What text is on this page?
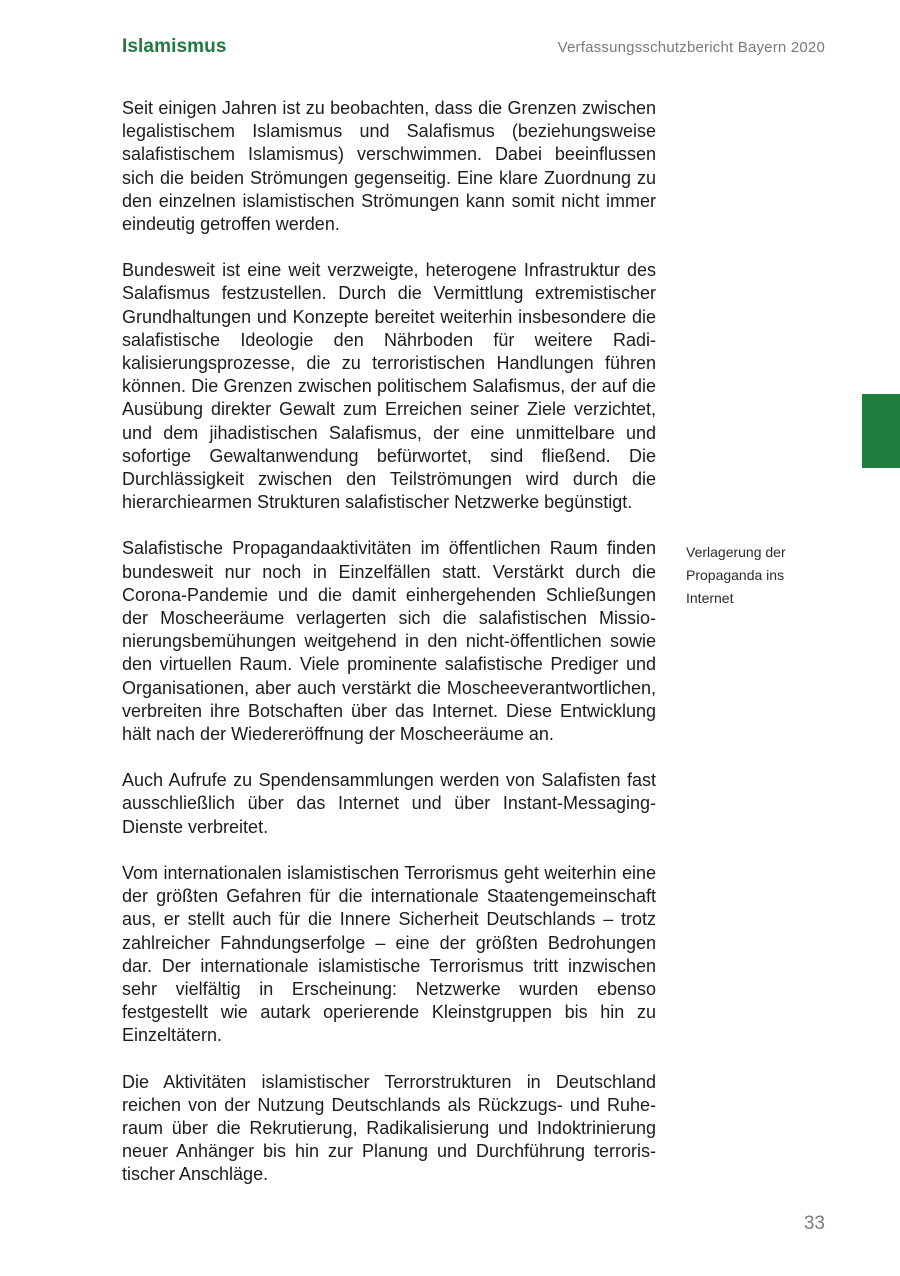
Islamismus	Verfassungsschutzbericht Bayern 2020

Seit einigen Jahren ist zu beobachten, dass die Grenzen zwischen legalistischem Islamismus und Salafismus (beziehungsweise salafistischem Islamismus) verschwimmen. Dabei beeinflussen sich die beiden Strömungen gegenseitig. Eine klare Zuordnung zu den einzelnen islamistischen Strömungen kann somit nicht immer eindeutig getroffen werden.

Bundesweit ist eine weit verzweigte, heterogene Infrastruktur des Salafismus festzustellen. Durch die Vermittlung extremistischer Grundhaltungen und Konzepte bereitet weiterhin insbesondere die salafistische Ideologie den Nährboden für weitere Radikalisierungsprozesse, die zu terroristischen Handlungen führen können. Die Grenzen zwischen politischem Salafismus, der auf die Ausübung direkter Gewalt zum Erreichen seiner Ziele verzichtet, und dem jihadistischen Salafismus, der eine unmittelbare und sofortige Gewaltanwendung befürwortet, sind fließend. Die Durchlässigkeit zwischen den Teilströmungen wird durch die hierarchiearmen Strukturen salafistischer Netzwerke begünstigt.

Salafistische Propagandaaktivitäten im öffentlichen Raum finden bundesweit nur noch in Einzelfällen statt. Verstärkt durch die Corona-Pandemie und die damit einhergehenden Schließungen der Moscheeräume verlagerten sich die salafistischen Missionierungsbemühungen weitgehend in den nicht-öffentlichen sowie den virtuellen Raum. Viele prominente salafistische Prediger und Organisationen, aber auch verstärkt die Moscheeverantwortlichen, verbreiten ihre Botschaften über das Internet. Diese Entwicklung hält nach der Wiedereröffnung der Moscheeräume an.

Auch Aufrufe zu Spendensammlungen werden von Salafisten fast ausschließlich über das Internet und über Instant-Messaging-Dienste verbreitet.

Vom internationalen islamistischen Terrorismus geht weiterhin eine der größten Gefahren für die internationale Staatengemeinschaft aus, er stellt auch für die Innere Sicherheit Deutschlands – trotz zahlreicher Fahndungserfolge – eine der größten Bedrohungen dar. Der internationale islamistische Terrorismus tritt inzwischen sehr vielfältig in Erscheinung: Netzwerke wurden ebenso festgestellt wie autark operierende Kleinstgruppen bis hin zu Einzeltätern.

Die Aktivitäten islamistischer Terrorstrukturen in Deutschland reichen von der Nutzung Deutschlands als Rückzugs- und Ruheraum über die Rekrutierung, Radikalisierung und Indoktrinierung neuer Anhänger bis hin zur Planung und Durchführung terroristischer Anschläge.

Verlagerung der
Propaganda ins
Internet
33
